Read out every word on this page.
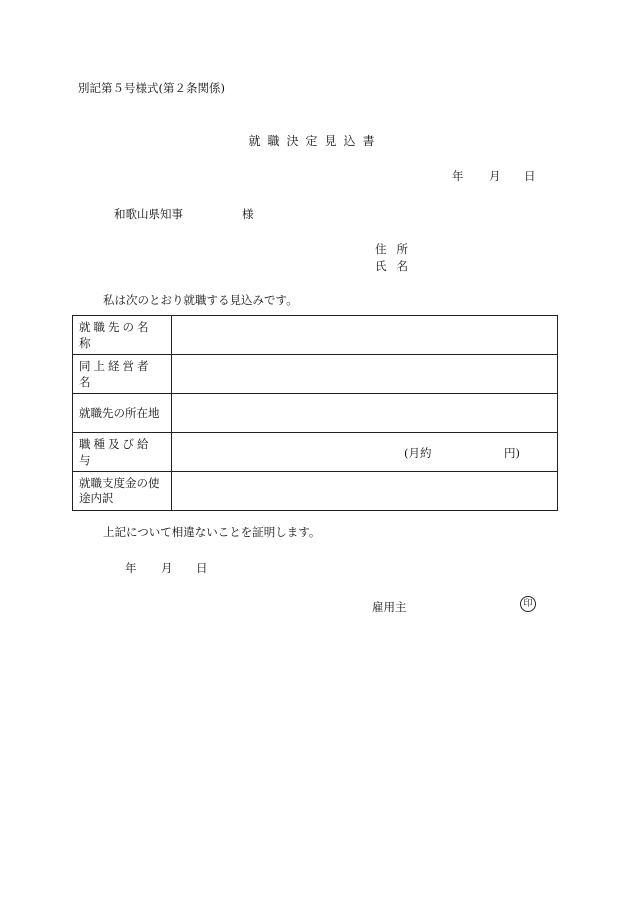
別記第５号様式(第２条関係)
就職決定見込書
年 月 日
和歌山県知事	様
住所
氏名
私は次のとおり就職する見込みです。
就職先の名称	
同上経営者名	
就職先の所在地	
職種及び給与	(月約 円)

就職支度金の使途内訳	
上記について相違ないことを証明します。
年 月 日
雇用主	印
